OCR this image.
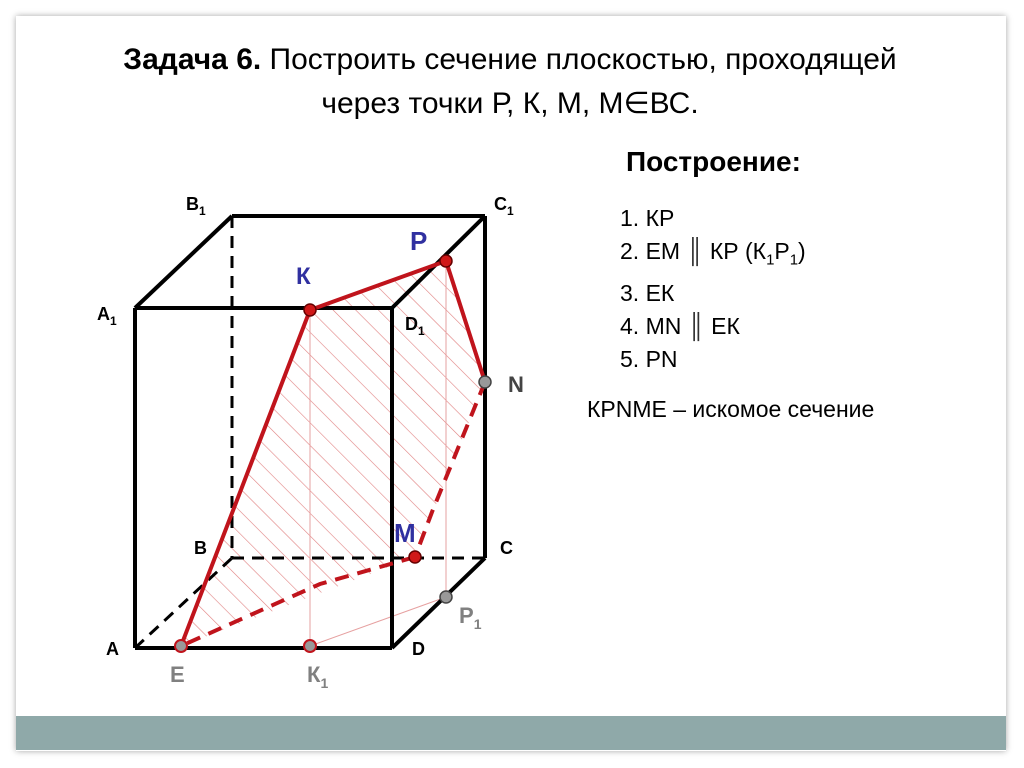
Задача 6. Построить сечение плоскостью, проходящей
через точки Р, К, М, М∈ВС.
Построение:
1. КР
2. ЕМ ║ КР $(К_1Р_1)$
3. ЕК
4. MN ║ ЕК
5. РN
КРNМЕ – искомое сечение
A
B	C
D
$A_1$
$B_1$	$C_1$
$D_1$
К
Р
М
N
Е	$К_1$
$Р_1$
